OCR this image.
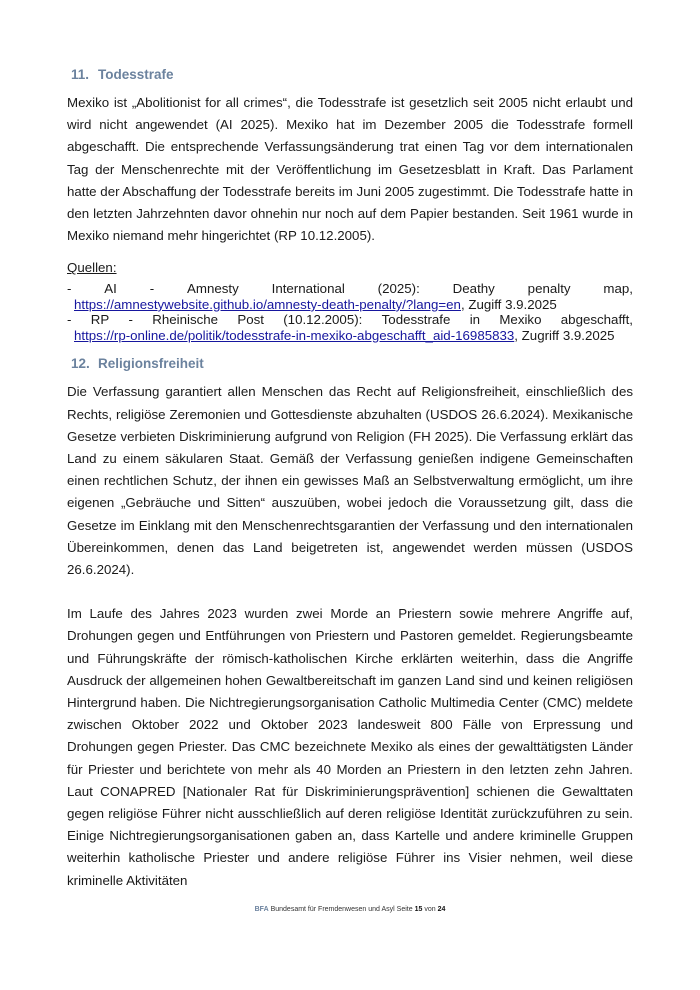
11. Todesstrafe

Mexiko ist „Abolitionist for all crimes“, die Todesstrafe ist gesetzlich seit 2005 nicht erlaubt und wird nicht angewendet (AI 2025). Mexiko hat im Dezember 2005 die Todesstrafe formell abgeschafft. Die entsprechende Verfassungsänderung trat einen Tag vor dem internationalen Tag der Menschenrechte mit der Veröffentlichung im Gesetzesblatt in Kraft. Das Parlament hatte der Abschaffung der Todesstrafe bereits im Juni 2005 zugestimmt. Die Todesstrafe hatte in den letzten Jahrzehnten davor ohnehin nur noch auf dem Papier bestanden. Seit 1961 wurde in Mexiko niemand mehr hingerichtet (RP 10.12.2005).

Quellen:
- AI - Amnesty International (2025): Deathy penalty map,
https://amnestywebsite.github.io/amnesty-death-penalty/?lang=en, Zugiff 3.9.2025
- RP - Rheinische Post (10.12.2005): Todesstrafe in Mexiko abgeschafft,
https://rp-online.de/politik/todesstrafe-in-mexiko-abgeschafft_aid-16985833, Zugriff 3.9.2025
12. Religionsfreiheit

Die Verfassung garantiert allen Menschen das Recht auf Religionsfreiheit, einschließlich des Rechts, religiöse Zeremonien und Gottesdienste abzuhalten (USDOS 26.6.2024). Mexikanische Gesetze verbieten Diskriminierung aufgrund von Religion (FH 2025). Die Verfassung erklärt das Land zu einem säkularen Staat. Gemäß der Verfassung genießen indigene Gemeinschaften einen rechtlichen Schutz, der ihnen ein gewisses Maß an Selbstverwaltung ermöglicht, um ihre eigenen „Gebräuche und Sitten“ auszuüben, wobei jedoch die Voraussetzung gilt, dass die Gesetze im Einklang mit den Menschenrechtsgarantien der Verfassung und den internationalen Übereinkommen, denen das Land beigetreten ist, angewendet werden müssen (USDOS 26.6.2024).

Im Laufe des Jahres 2023 wurden zwei Morde an Priestern sowie mehrere Angriffe auf, Drohungen gegen und Entführungen von Priestern und Pastoren gemeldet. Regierungsbeamte und Führungskräfte der römisch-katholischen Kirche erklärten weiterhin, dass die Angriffe Ausdruck der allgemeinen hohen Gewaltbereitschaft im ganzen Land sind und keinen religiösen Hintergrund haben. Die Nichtregierungsorganisation Catholic Multimedia Center (CMC) meldete zwischen Oktober 2022 und Oktober 2023 landesweit 800 Fälle von Erpressung und Drohungen gegen Priester. Das CMC bezeichnete Mexiko als eines der gewalttätigsten Länder für Priester und berichtete von mehr als 40 Morden an Priestern in den letzten zehn Jahren. Laut CONAPRED [Nationaler Rat für Diskriminierungsprävention] schienen die Gewalttaten gegen religiöse Führer nicht ausschließlich auf deren religiöse Identität zurückzuführen zu sein. Einige Nichtregierungsorganisationen gaben an, dass Kartelle und andere kriminelle Gruppen weiterhin katholische Priester und andere religiöse Führer ins Visier nehmen, weil diese kriminelle Aktivitäten

BFA Bundesamt für Fremdenwesen und Asyl Seite 15 von 24
